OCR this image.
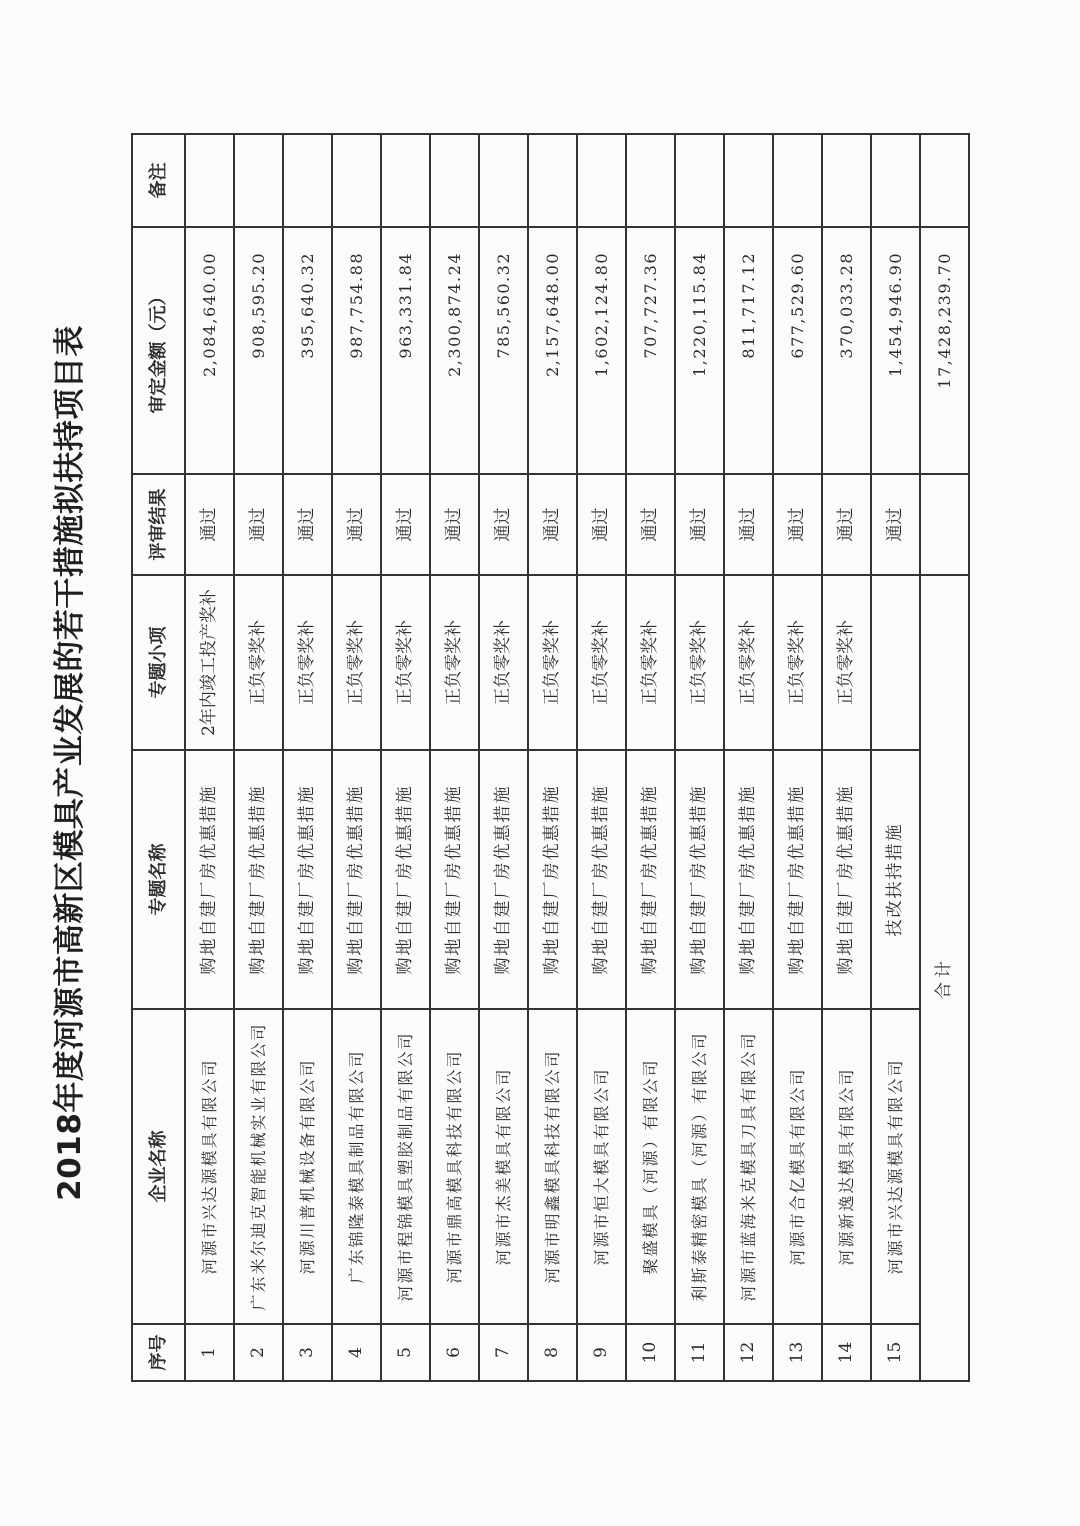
2018年度河源市高新区模具产业发展的若干措施拟扶持项目表
序号	企业名称	专题名称	专题小项	评审结果	审定金额（元）	备注
1	河源市兴达源模具有限公司	购地自建厂房优惠措施	2年内竣工投产奖补	通过	2,084,640.00	
2	广东米尔迪克智能机械实业有限公司	购地自建厂房优惠措施	正负零奖补	通过	908,595.20	
3	河源川普机械设备有限公司	购地自建厂房优惠措施	正负零奖补	通过	395,640.32	
4	广东锦隆泰模具制品有限公司	购地自建厂房优惠措施	正负零奖补	通过	987,754.88	
5	河源市程锦模具塑胶制品有限公司	购地自建厂房优惠措施	正负零奖补	通过	963,331.84	
6	河源市鼎高模具科技有限公司	购地自建厂房优惠措施	正负零奖补	通过	2,300,874.24	
7	河源市杰美模具有限公司	购地自建厂房优惠措施	正负零奖补	通过	785,560.32	
8	河源市明鑫模具科技有限公司	购地自建厂房优惠措施	正负零奖补	通过	2,157,648.00	
9	河源市恒大模具有限公司	购地自建厂房优惠措施	正负零奖补	通过	1,602,124.80	
10	聚盛模具（河源）有限公司	购地自建厂房优惠措施	正负零奖补	通过	707,727.36	
11	利斯泰精密模具（河源）有限公司	购地自建厂房优惠措施	正负零奖补	通过	1,220,115.84	
12	河源市蓝海米克模具刀具有限公司	购地自建厂房优惠措施	正负零奖补	通过	811,717.12	
13	河源市合亿模具有限公司	购地自建厂房优惠措施	正负零奖补	通过	677,529.60	
14	河源新逸达模具有限公司	购地自建厂房优惠措施	正负零奖补	通过	370,033.28	
15	河源市兴达源模具有限公司	技改扶持措施		通过	1,454,946.90	
合计					17,428,239.70	
